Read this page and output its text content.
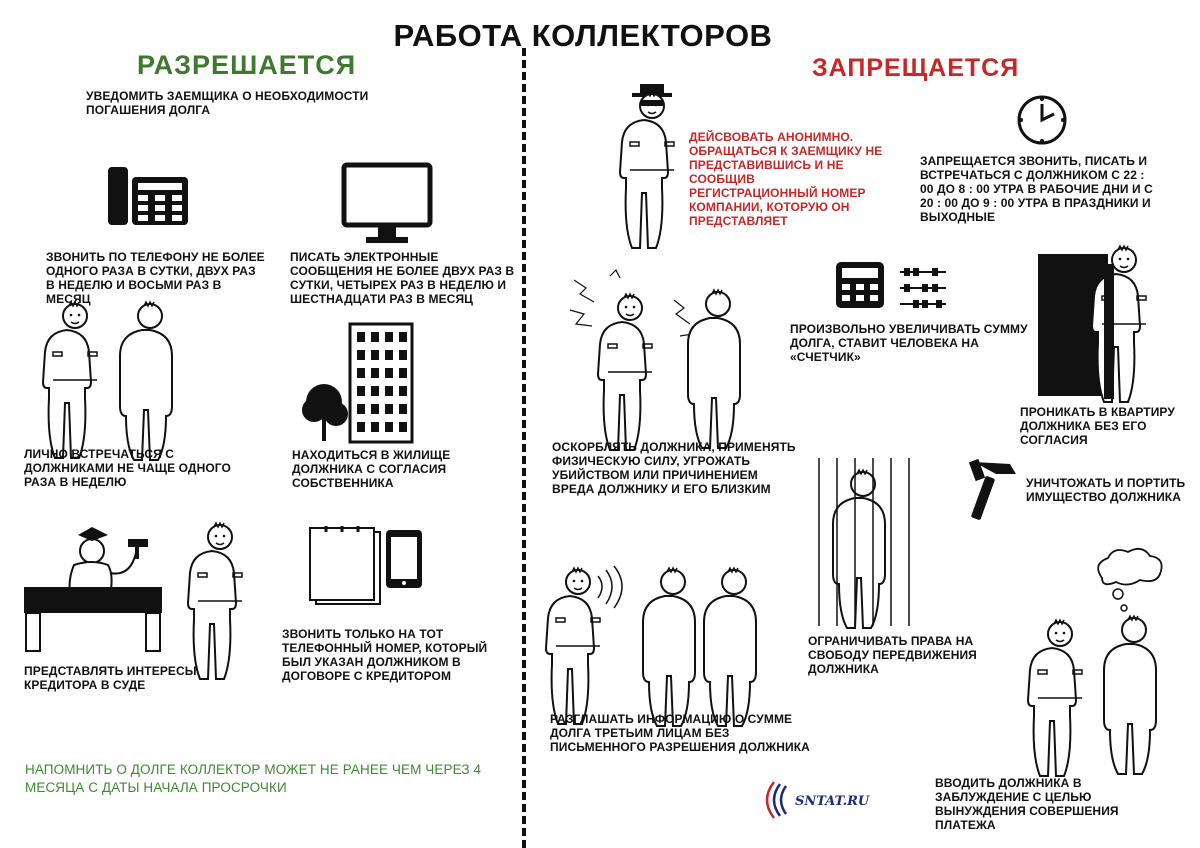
РАБОТА КОЛЛЕКТОРОВ
РАЗРЕШАЕТСЯ	ЗАПРЕЩАЕТСЯ
УВЕДОМИТЬ ЗАЕМЩИКА О НЕОБХОДИМОСТИ ПОГАШЕНИЯ ДОЛГА
ЗВОНИТЬ ПО ТЕЛЕФОНУ НЕ БОЛЕЕ ОДНОГО РАЗА В СУТКИ, ДВУХ РАЗ В НЕДЕЛЮ И ВОСЬМИ РАЗ В МЕСЯЦ
ПИСАТЬ ЭЛЕКТРОННЫЕ СООБЩЕНИЯ НЕ БОЛЕЕ ДВУХ РАЗ В СУТКИ, ЧЕТЫРЕХ РАЗ В НЕДЕЛЮ И ШЕСТНАДЦАТИ РАЗ В МЕСЯЦ
ЛИЧНО ВСТРЕЧАТЬСЯ С ДОЛЖНИКАМИ НЕ ЧАЩЕ ОДНОГО РАЗА В НЕДЕЛЮ
НАХОДИТЬСЯ В ЖИЛИЩЕ ДОЛЖНИКА С СОГЛАСИЯ СОБСТВЕННИКА
ПРЕДСТАВЛЯТЬ ИНТЕРЕСЫ КРЕДИТОРА В СУДЕ
ЗВОНИТЬ ТОЛЬКО НА ТОТ ТЕЛЕФОННЫЙ НОМЕР, КОТОРЫЙ БЫЛ УКАЗАН ДОЛЖНИКОМ В ДОГОВОРЕ С КРЕДИТОРОМ
НАПОМНИТЬ О ДОЛГЕ КОЛЛЕКТОР МОЖЕТ НЕ РАНЕЕ ЧЕМ ЧЕРЕЗ 4 МЕСЯЦА С ДАТЫ НАЧАЛА ПРОСРОЧКИ
ДЕЙСВОВАТЬ АНОНИМНО. ОБРАЩАТЬСЯ К ЗАЕМЩИКУ НЕ ПРЕДСТАВИВШИСЬ И НЕ СООБЩИВ РЕГИСТРАЦИОННЫЙ НОМЕР КОМПАНИИ, КОТОРУЮ ОН ПРЕДСТАВЛЯЕТ
ЗАПРЕЩАЕТСЯ ЗВОНИТЬ, ПИСАТЬ И ВСТРЕЧАТЬСЯ С ДОЛЖНИКОМ С 22 : 00 ДО 8 : 00 УТРА В РАБОЧИЕ ДНИ И С 20 : 00 ДО 9 : 00 УТРА В ПРАЗДНИКИ И ВЫХОДНЫЕ
ПРОИЗВОЛЬНО УВЕЛИЧИВАТЬ СУММУ ДОЛГА, СТАВИТ ЧЕЛОВЕКА НА «СЧЕТЧИК»
ПРОНИКАТЬ В КВАРТИРУ ДОЛЖНИКА БЕЗ ЕГО СОГЛАСИЯ
ОСКОРБЛЯТЬ ДОЛЖНИКА, ПРИМЕНЯТЬ ФИЗИЧЕСКУЮ СИЛУ, УГРОЖАТЬ УБИЙСТВОМ ИЛИ ПРИЧИНЕНИЕМ ВРЕДА ДОЛЖНИКУ И ЕГО БЛИЗКИМ	УНИЧТОЖАТЬ И ПОРТИТЬ ИМУЩЕСТВО ДОЛЖНИКА
ОГРАНИЧИВАТЬ ПРАВА НА СВОБОДУ ПЕРЕДВИЖЕНИЯ ДОЛЖНИКА
РАЗГЛАШАТЬ ИНФОРМАЦИЮ О СУММЕ ДОЛГА ТРЕТЬИМ ЛИЦАМ БЕЗ ПИСЬМЕННОГО РАЗРЕШЕНИЯ ДОЛЖНИКА
ВВОДИТЬ ДОЛЖНИКА В ЗАБЛУЖДЕНИЕ С ЦЕЛЬЮ ВЫНУЖДЕНИЯ СОВЕРШЕНИЯ ПЛАТЕЖА
SNTAT.RU
